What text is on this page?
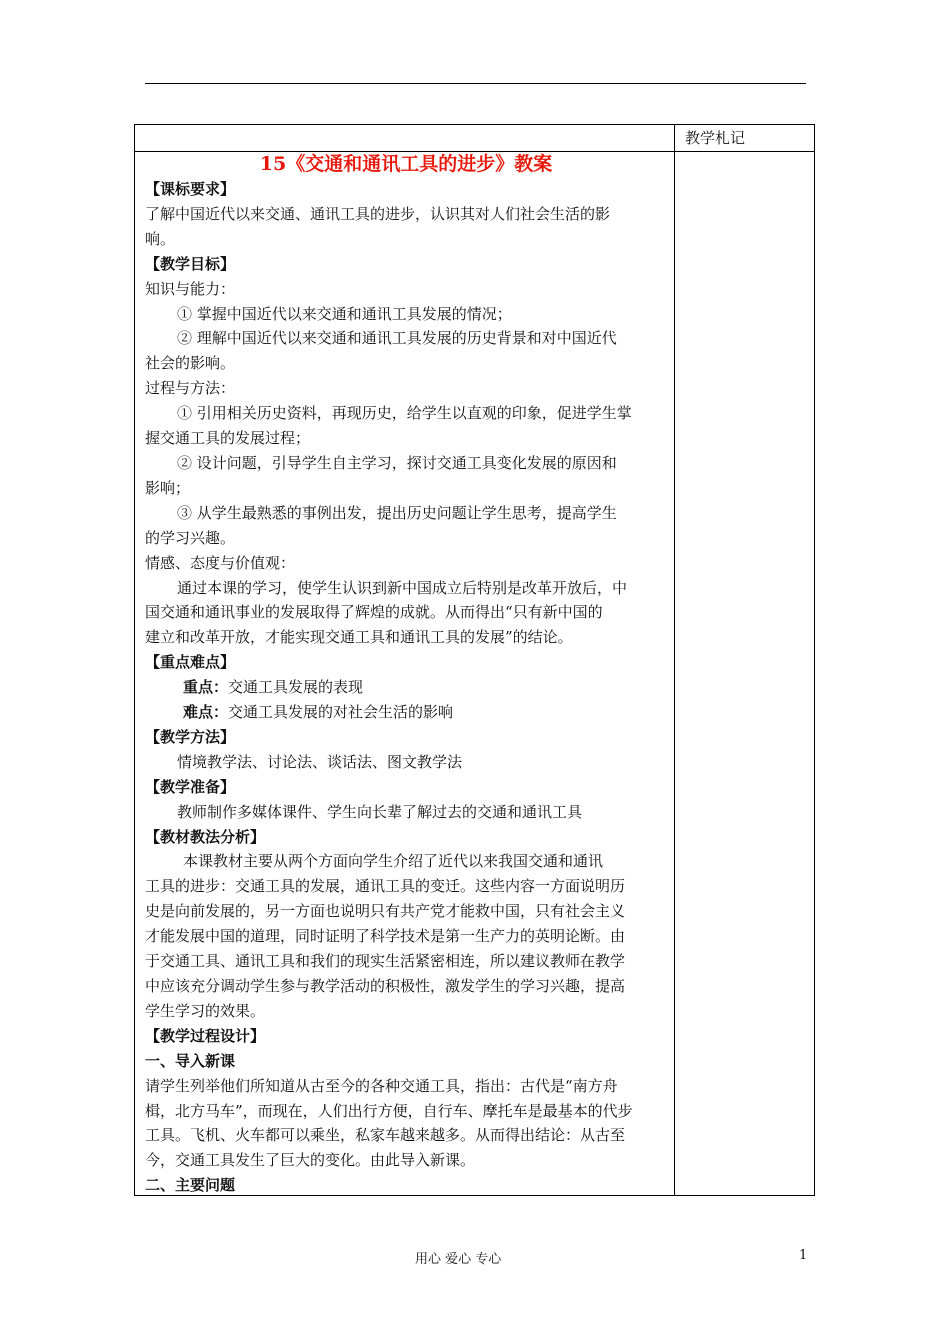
15《交通和通讯工具的进步》教案
【课标要求】
了解中国近代以来交通、通讯工具的进步，认识其对人们社会生活的影
响。
【教学目标】
知识与能力：
① 掌握中国近代以来交通和通讯工具发展的情况；
② 理解中国近代以来交通和通讯工具发展的历史背景和对中国近代
社会的影响。
过程与方法：
① 引用相关历史资料，再现历史，给学生以直观的印象，促进学生掌
握交通工具的发展过程；
② 设计问题，引导学生自主学习，探讨交通工具变化发展的原因和
影响；
③ 从学生最熟悉的事例出发，提出历史问题让学生思考，提高学生
的学习兴趣。
情感、态度与价值观：
通过本课的学习，使学生认识到新中国成立后特别是改革开放后，中
国交通和通讯事业的发展取得了辉煌的成就。从而得出“只有新中国的
建立和改革开放，才能实现交通工具和通讯工具的发展”的结论。
【重点难点】
重点：交通工具发展的表现
难点：交通工具发展的对社会生活的影响
【教学方法】
情境教学法、讨论法、谈话法、图文教学法
【教学准备】
教师制作多媒体课件、学生向长辈了解过去的交通和通讯工具
【教材教法分析】
本课教材主要从两个方面向学生介绍了近代以来我国交通和通讯
工具的进步：交通工具的发展，通讯工具的变迁。这些内容一方面说明历
史是向前发展的，另一方面也说明只有共产党才能救中国，只有社会主义
才能发展中国的道理，同时证明了科学技术是第一生产力的英明论断。由
于交通工具、通讯工具和我们的现实生活紧密相连，所以建议教师在教学
中应该充分调动学生参与教学活动的积极性，激发学生的学习兴趣，提高
学生学习的效果。
【教学过程设计】
一、导入新课
请学生列举他们所知道从古至今的各种交通工具，指出：古代是“南方舟
楫，北方马车”，而现在，人们出行方便，自行车、摩托车是最基本的代步
工具。飞机、火车都可以乘坐，私家车越来越多。从而得出结论：从古至
今，交通工具发生了巨大的变化。由此导入新课。
二、主要问题
教学札记
用心 爱心 专心	1
